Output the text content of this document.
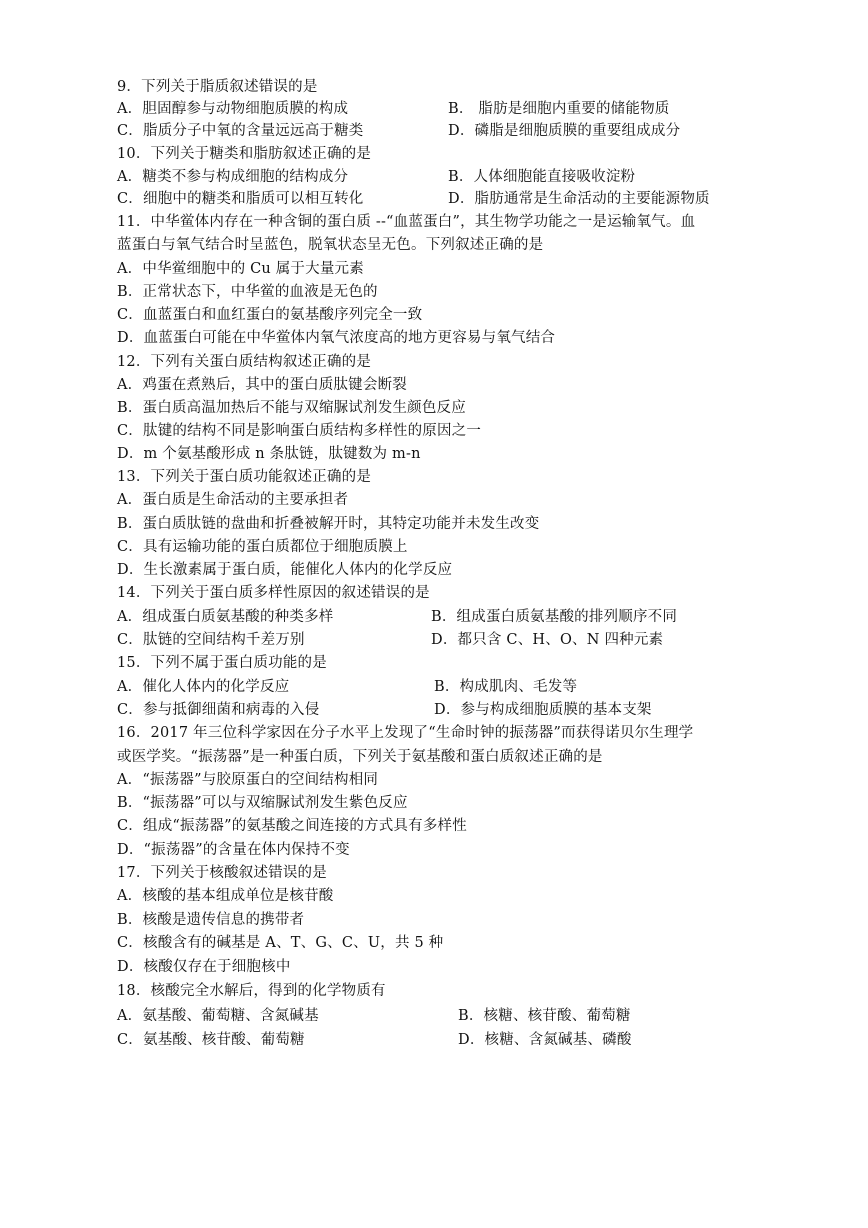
9．下列关于脂质叙述错误的是
A．胆固醇参与动物细胞质膜的构成	B． 脂肪是细胞内重要的储能物质
C．脂质分子中氧的含量远远高于糖类	D．磷脂是细胞质膜的重要组成成分
10．下列关于糖类和脂肪叙述正确的是
A．糖类不参与构成细胞的结构成分	B．人体细胞能直接吸收淀粉
C．细胞中的糖类和脂质可以相互转化	D．脂肪通常是生命活动的主要能源物质
11．中华鲎体内存在一种含铜的蛋白质 --“血蓝蛋白”，其生物学功能之一是运输氧气。血
蓝蛋白与氧气结合时呈蓝色，脱氧状态呈无色。下列叙述正确的是
A．中华鲎细胞中的 Cu 属于大量元素
B．正常状态下，中华鲎的血液是无色的
C．血蓝蛋白和血红蛋白的氨基酸序列完全一致
D．血蓝蛋白可能在中华鲎体内氧气浓度高的地方更容易与氧气结合
12．下列有关蛋白质结构叙述正确的是
A．鸡蛋在煮熟后，其中的蛋白质肽键会断裂
B．蛋白质高温加热后不能与双缩脲试剂发生颜色反应
C．肽键的结构不同是影响蛋白质结构多样性的原因之一
D．m 个氨基酸形成 n 条肽链，肽键数为 m-n
13．下列关于蛋白质功能叙述正确的是
A．蛋白质是生命活动的主要承担者
B．蛋白质肽链的盘曲和折叠被解开时，其特定功能并未发生改变
C．具有运输功能的蛋白质都位于细胞质膜上
D．生长激素属于蛋白质，能催化人体内的化学反应
14．下列关于蛋白质多样性原因的叙述错误的是
A．组成蛋白质氨基酸的种类多样	B．组成蛋白质氨基酸的排列顺序不同
C．肽链的空间结构千差万别	D．都只含 C、H、O、N 四种元素
15．下列不属于蛋白质功能的是
A．催化人体内的化学反应	B．构成肌肉、毛发等
C．参与抵御细菌和病毒的入侵	D．参与构成细胞质膜的基本支架
16．2017 年三位科学家因在分子水平上发现了“生命时钟的振荡器”而获得诺贝尔生理学
或医学奖。“振荡器”是一种蛋白质，下列关于氨基酸和蛋白质叙述正确的是
A．“振荡器”与胶原蛋白的空间结构相同
B．“振荡器”可以与双缩脲试剂发生紫色反应
C．组成“振荡器”的氨基酸之间连接的方式具有多样性
D．“振荡器”的含量在体内保持不变
17．下列关于核酸叙述错误的是
A．核酸的基本组成单位是核苷酸
B．核酸是遗传信息的携带者
C．核酸含有的碱基是 A、T、G、C、U，共 5 种
D．核酸仅存在于细胞核中
18．核酸完全水解后，得到的化学物质有
A．氨基酸、葡萄糖、含氮碱基	B．核糖、核苷酸、葡萄糖
C．氨基酸、核苷酸、葡萄糖	D．核糖、含氮碱基、磷酸
